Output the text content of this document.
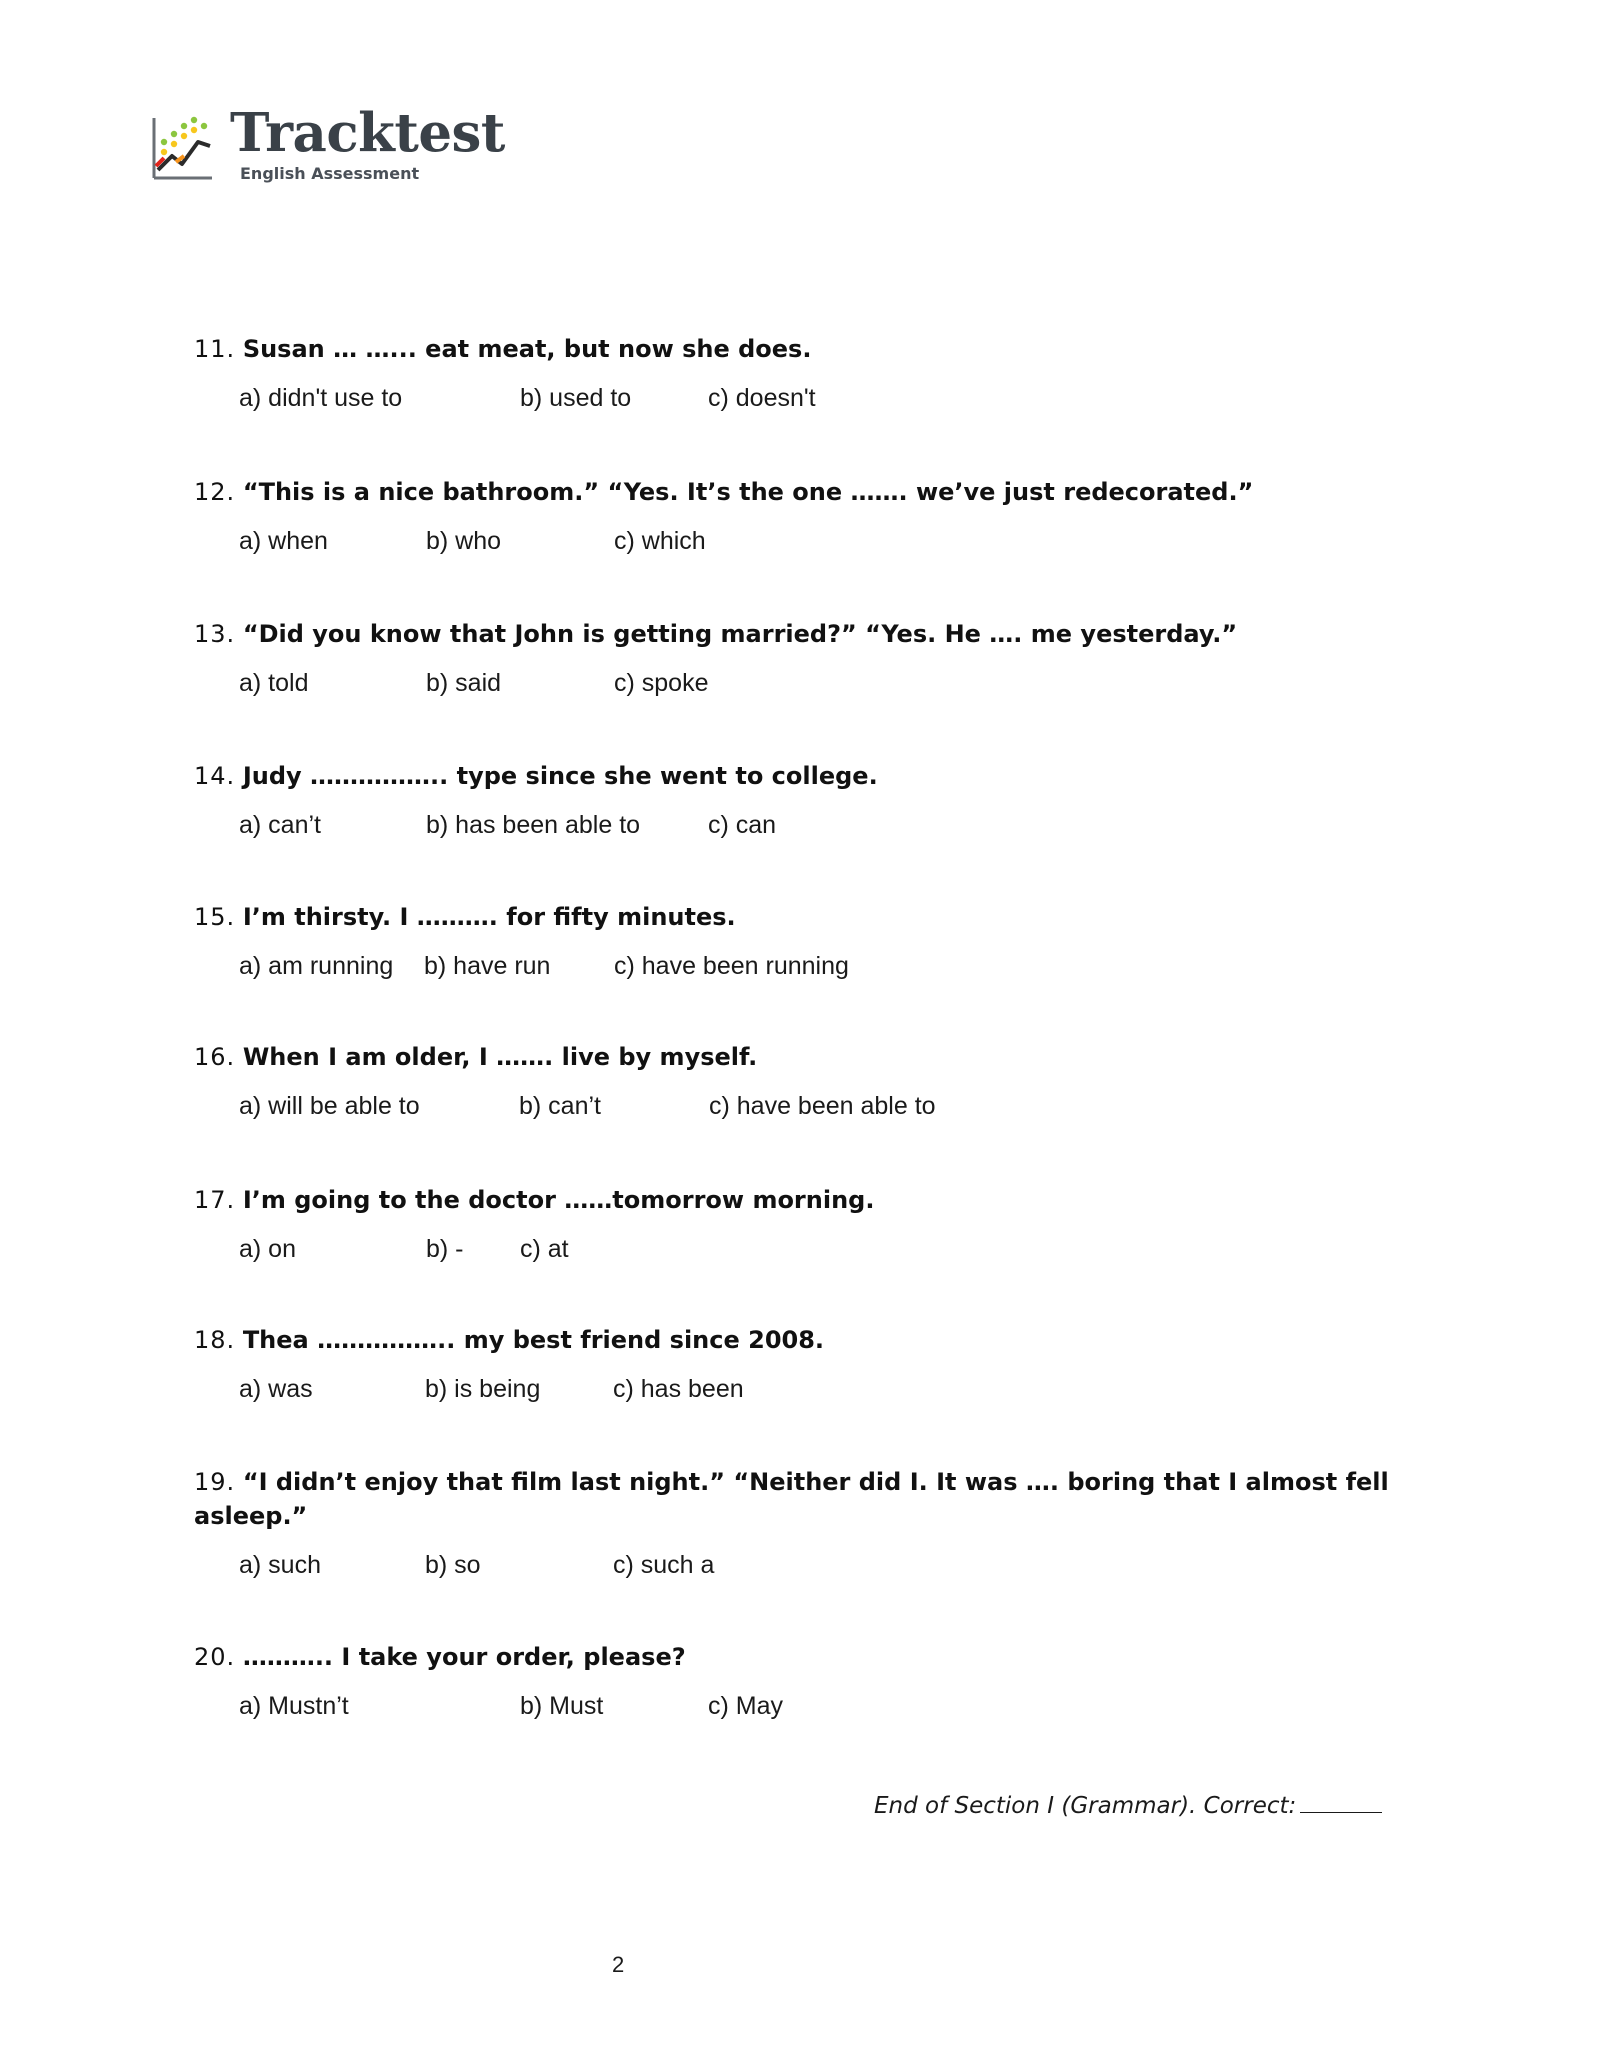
Tracktest
English Assessment
11. Susan … …... eat meat, but now she does.
a) didn't use to	b) used to	c) doesn't
12. “This is a nice bathroom.” “Yes. It’s the one ……. we’ve just redecorated.”
a) when	b) who	c) which
13. “Did you know that John is getting married?” “Yes. He …. me yesterday.”
a) told	b) said	c) spoke
14. Judy …………….. type since she went to college.
a) can’t	b) has been able to	c) can
15. I’m thirsty. I ………. for fifty minutes.
a) am running b) have run	c) have been running
16. When I am older, I ……. live by myself.
a) will be able to	b) can’t	c) have been able to
17. I’m going to the doctor ……tomorrow morning.
a) on	b) - c) at
18. Thea …………….. my best friend since 2008.
a) was	b) is being	c) has been
19. “I didn’t enjoy that film last night.” “Neither did I. It was …. boring that I almost fell asleep.”
a) such	b) so	c) such a
20. ……….. I take your order, please?
a) Mustn’t	b) Must	c) May
End of Section I (Grammar). Correct:
2
